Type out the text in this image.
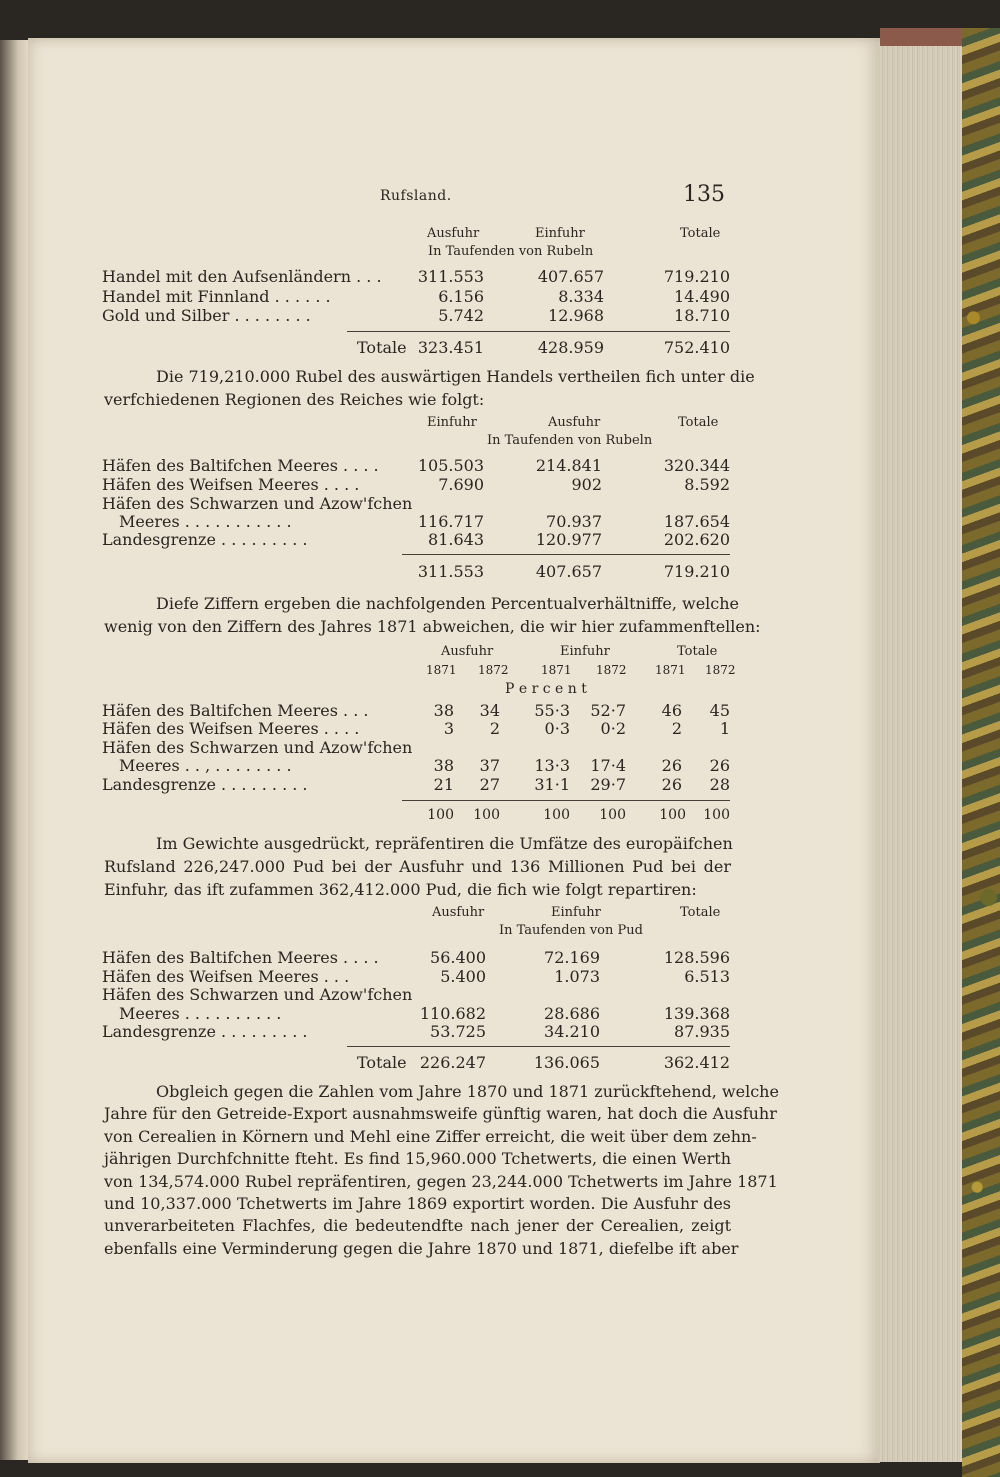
Rufsland.	135
Ausfuhr	Einfuhr	Totale
In Taufenden von Rubeln
Handel mit den Aufsenländern . . .	311.553	407.657	719.210
Handel mit Finnland . . . . . .	6.156	8.334	14.490
Gold und Silber . . . . . . . .	5.742	12.968	18.710
Totale 323.451	428.959	752.410
Die 719,210.000 Rubel des auswärtigen Handels vertheilen fich unter die
verfchiedenen Regionen des Reiches wie folgt:
Einfuhr	Ausfuhr	Totale
In Taufenden von Rubeln
Häfen des Baltifchen Meeres . . . .	105.503	214.841	320.344
Häfen des Weifsen Meeres . . . .	7.690	902	8.592
Häfen des Schwarzen und Azow'fchen
Meeres . . . . . . . . . . .	116.717	70.937	187.654
Landesgrenze . . . . . . . . .	81.643	120.977	202.620
311.553	407.657	719.210
Diefe Ziffern ergeben die nachfolgenden Percentualverhältniffe, welche
wenig von den Ziffern des Jahres 1871 abweichen, die wir hier zufammenftellen:
Ausfuhr	Einfuhr	Totale
1871 1872	1871 1872 1871 1872
P e r c e n t
Häfen des Baltifchen Meeres . . .	38	34	55·3	52·7	46	45
Häfen des Weifsen Meeres . . . .	3	2	0·3	0·2	2	1
Häfen des Schwarzen und Azow'fchen
Meeres . . , . . . . . . . .	38	37	13·3	17·4	26	26
Landesgrenze . . . . . . . . .	21	27	31·1	29·7	26	28
100	100	100	100	100	100
Im Gewichte ausgedrückt, repräfentiren die Umfätze des europäifchen
Rufsland 226,247.000 Pud bei der Ausfuhr und 136 Millionen Pud bei der
Einfuhr, das ift zufammen 362,412.000 Pud, die fich wie folgt repartiren:
Ausfuhr	Einfuhr	Totale
In Taufenden von Pud
Häfen des Baltifchen Meeres . . . .	56.400	72.169	128.596
Häfen des Weifsen Meeres . . .	5.400	1.073	6.513
Häfen des Schwarzen und Azow'fchen
Meeres . . . . . . . . . .	110.682	28.686	139.368
Landesgrenze . . . . . . . . .	53.725	34.210	87.935
Totale 226.247	136.065	362.412
Obgleich gegen die Zahlen vom Jahre 1870 und 1871 zurückftehend, welche
Jahre für den Getreide-Export ausnahmsweife günftig waren, hat doch die Ausfuhr
von Cerealien in Körnern und Mehl eine Ziffer erreicht, die weit über dem zehn-
jährigen Durchfchnitte fteht. Es find 15,960.000 Tchetwerts, die einen Werth
von 134,574.000 Rubel repräfentiren, gegen 23,244.000 Tchetwerts im Jahre 1871
und 10,337.000 Tchetwerts im Jahre 1869 exportirt worden. Die Ausfuhr des
unverarbeiteten Flachfes, die bedeutendfte nach jener der Cerealien, zeigt
ebenfalls eine Verminderung gegen die Jahre 1870 und 1871, diefelbe ift aber
